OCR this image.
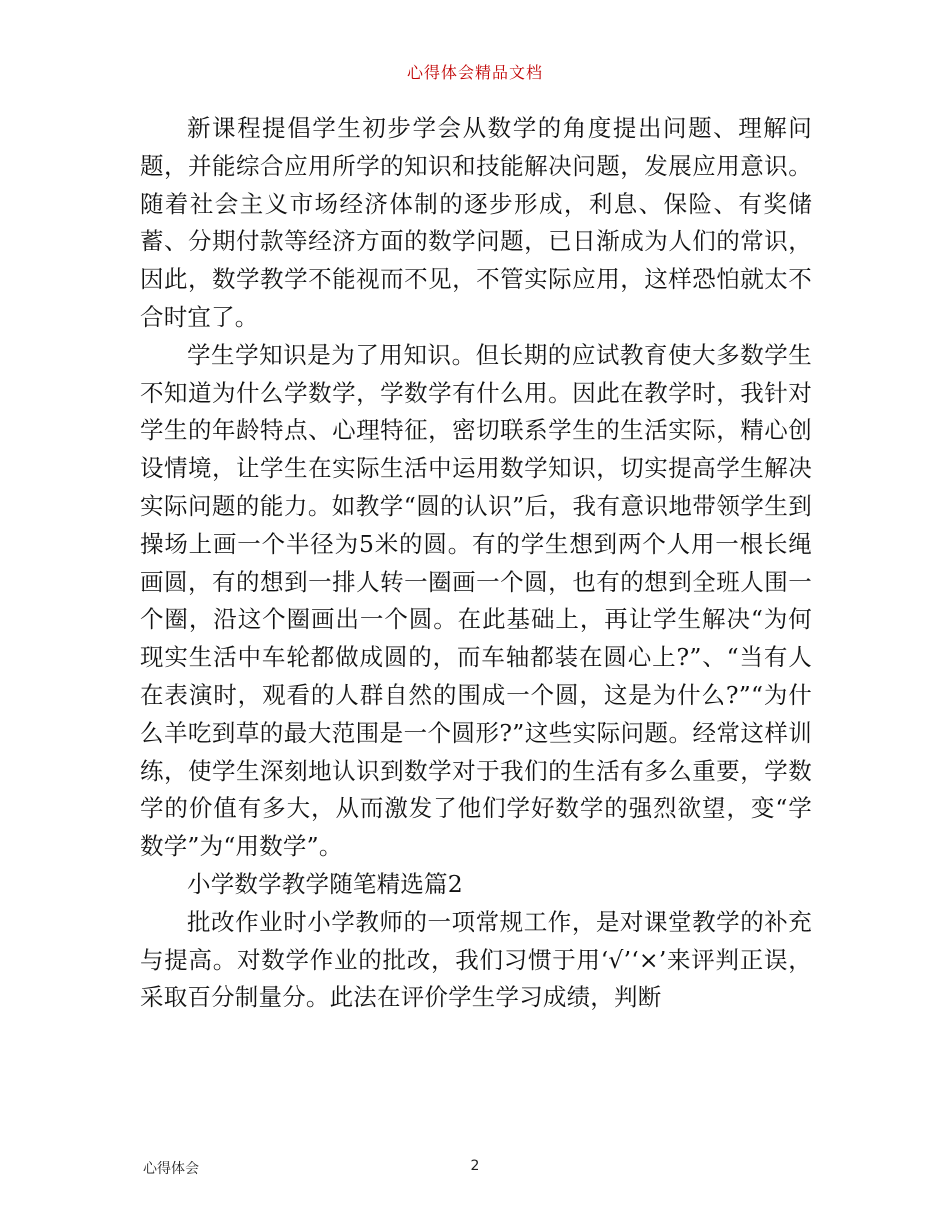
心得体会精品文档

新课程提倡学生初步学会从数学的角度提出问题、理解问题，并能综合应用所学的知识和技能解决问题，发展应用意识。随着社会主义市场经济体制的逐步形成，利息、保险、有奖储蓄、分期付款等经济方面的数学问题，已日渐成为人们的常识，因此，数学教学不能视而不见，不管实际应用，这样恐怕就太不合时宜了。

学生学知识是为了用知识。但长期的应试教育使大多数学生不知道为什么学数学，学数学有什么用。因此在教学时，我针对学生的年龄特点、心理特征，密切联系学生的生活实际，精心创设情境，让学生在实际生活中运用数学知识，切实提高学生解决实际问题的能力。如教学“圆的认识”后，我有意识地带领学生到操场上画一个半径为5米的圆。有的学生想到两个人用一根长绳画圆，有的想到一排人转一圈画一个圆，也有的想到全班人围一个圈，沿这个圈画出一个圆。在此基础上，再让学生解决“为何现实生活中车轮都做成圆的，而车轴都装在圆心上?”、“当有人在表演时，观看的人群自然的围成一个圆，这是为什么?”“为什么羊吃到草的最大范围是一个圆形?”这些实际问题。经常这样训练，使学生深刻地认识到数学对于我们的生活有多么重要，学数学的价值有多大，从而激发了他们学好数学的强烈欲望，变“学数学”为“用数学”。

小学数学教学随笔精选篇2

批改作业时小学教师的一项常规工作，是对课堂教学的补充与提高。对数学作业的批改，我们习惯于用‘√’‘×’来评判正误，采取百分制量分。此法在评价学生学习成绩，判断

心得体会	2
